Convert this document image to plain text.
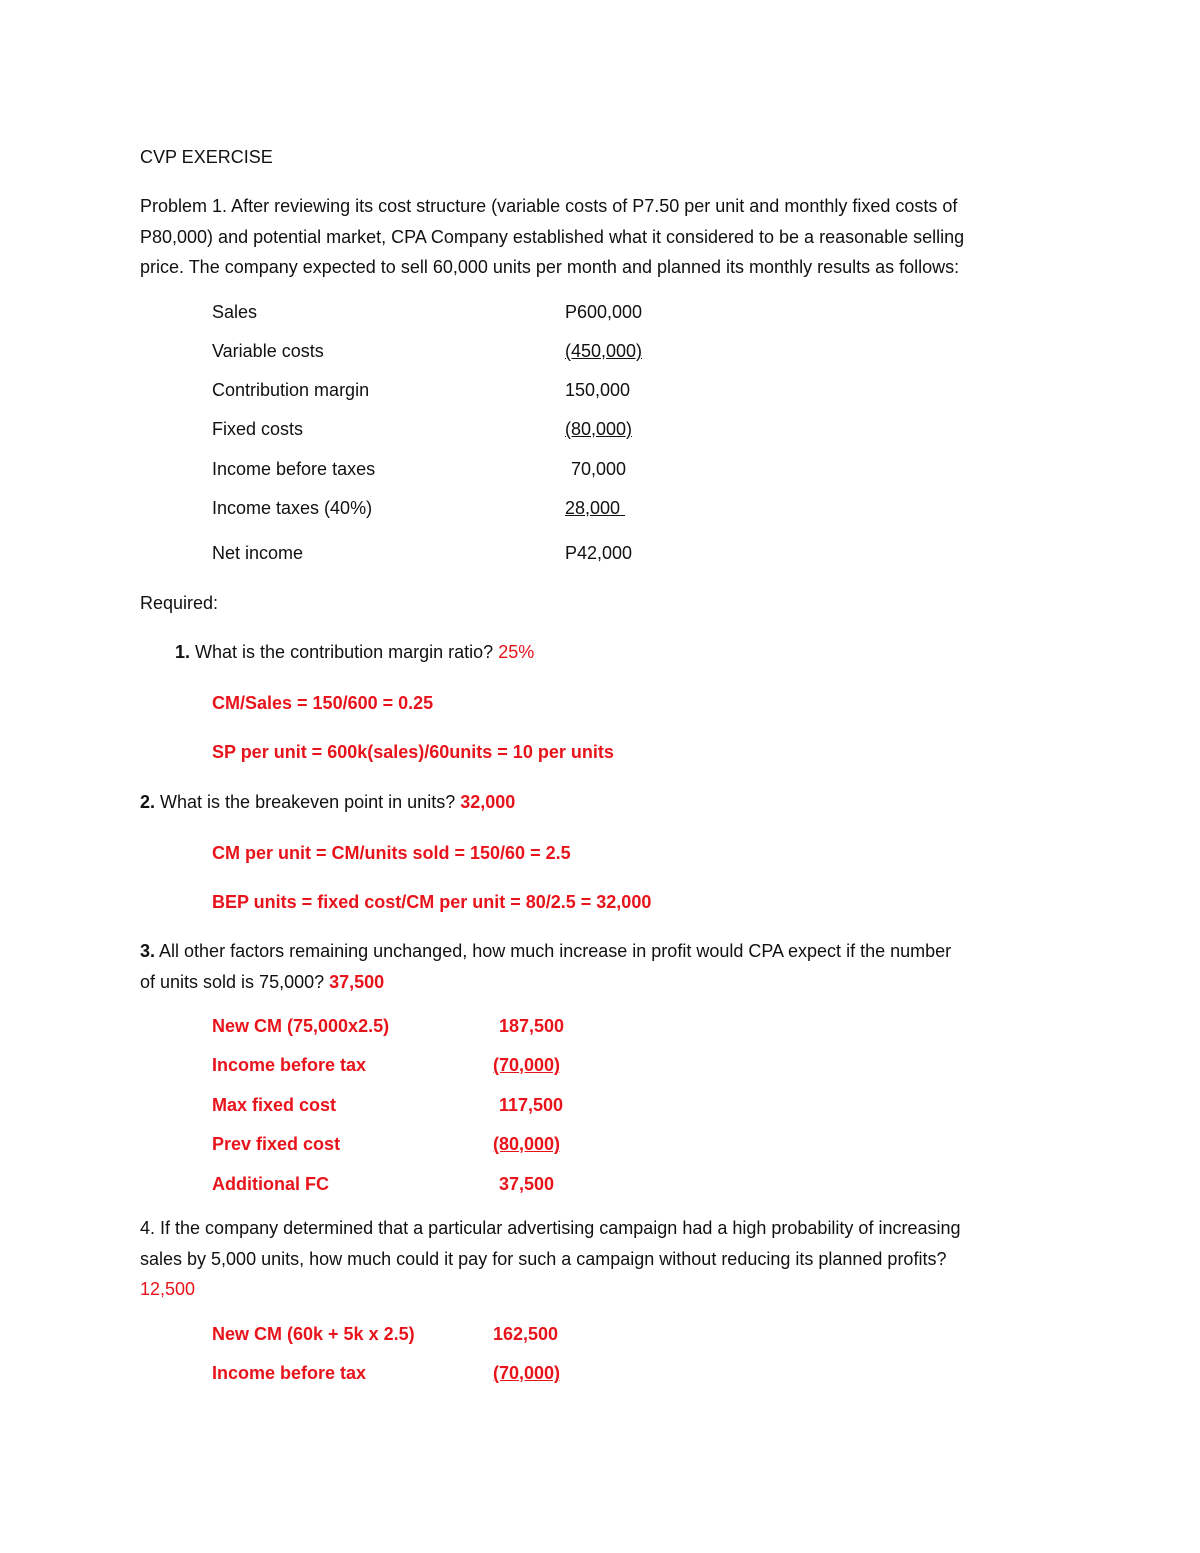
CVP EXERCISE
Problem 1. After reviewing its cost structure (variable costs of P7.50 per unit and monthly fixed costs of
P80,000) and potential market, CPA Company established what it considered to be a reasonable selling
price. The company expected to sell 60,000 units per month and planned its monthly results as follows:
Sales	P600,000
Variable costs	(450,000)
Contribution margin	150,000
Fixed costs	(80,000)
Income before taxes	70,000
Income taxes (40%)	28,000
Net income	P42,000
Required:
1. What is the contribution margin ratio? 25%
CM/Sales = 150/600 = 0.25
SP per unit = 600k(sales)/60units = 10 per units
2. What is the breakeven point in units? 32,000
CM per unit = CM/units sold = 150/60 = 2.5
BEP units = fixed cost/CM per unit = 80/2.5 = 32,000
3. All other factors remaining unchanged, how much increase in profit would CPA expect if the number
of units sold is 75,000? 37,500
New CM (75,000x2.5)	187,500
Income before tax	(70,000)
Max fixed cost	117,500
Prev fixed cost	(80,000)
Additional FC	37,500
4. If the company determined that a particular advertising campaign had a high probability of increasing
sales by 5,000 units, how much could it pay for such a campaign without reducing its planned profits?
12,500
New CM (60k + 5k x 2.5)	162,500
Income before tax	(70,000)
